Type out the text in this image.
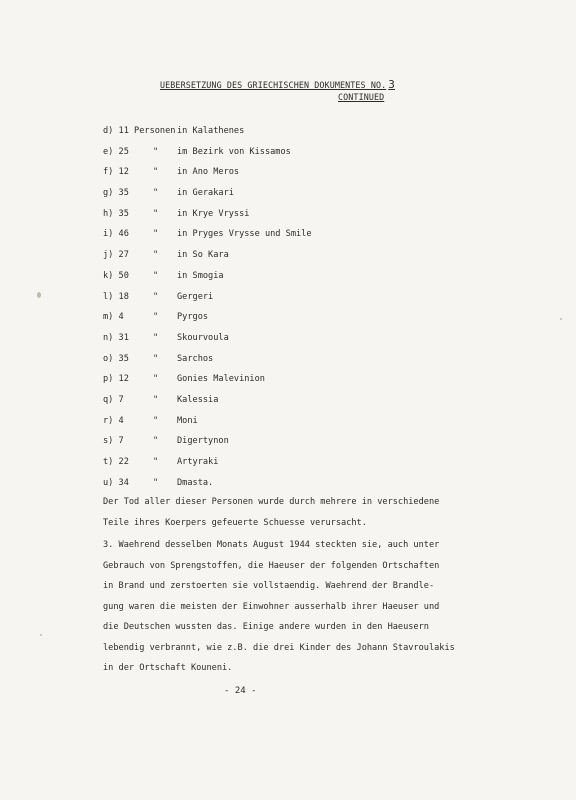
UEBERSETZUNG DES GRIECHISCHEN DOKUMENTES NO. 3
CONTINUED
d) 11 Personen in Kalathenes
e) 25	" im Bezirk von Kissamos
f) 12	" in Ano Meros
g) 35	" in Gerakari
h) 35	" in Krye Vryssi
i) 46	" in Pryges Vrysse und Smile
j) 27	" in So Kara
k) 50	" in Smogia
l) 18	" Gergeri
m) 4	" Pyrgos
n) 31	" Skourvoula
o) 35	" Sarchos
p) 12	" Gonies Malevinion
q) 7	" Kalessia
r) 4	" Moni
s) 7	" Digertynon
t) 22	" Artyraki
u) 34	" Dmasta.
Der Tod aller dieser Personen wurde durch mehrere in verschiedene
Teile ihres Koerpers gefeuerte Schuesse verursacht.
3. Waehrend desselben Monats August 1944 steckten sie, auch unter
Gebrauch von Sprengstoffen, die Haeuser der folgenden Ortschaften
in Brand und zerstoerten sie vollstaendig. Waehrend der Brandle-
gung waren die meisten der Einwohner ausserhalb ihrer Haeuser und
die Deutschen wussten das. Einige andere wurden in den Haeusern
lebendig verbrannt, wie z.B. die drei Kinder des Johann Stavroulakis
in der Ortschaft Kouneni.
- 24 -
